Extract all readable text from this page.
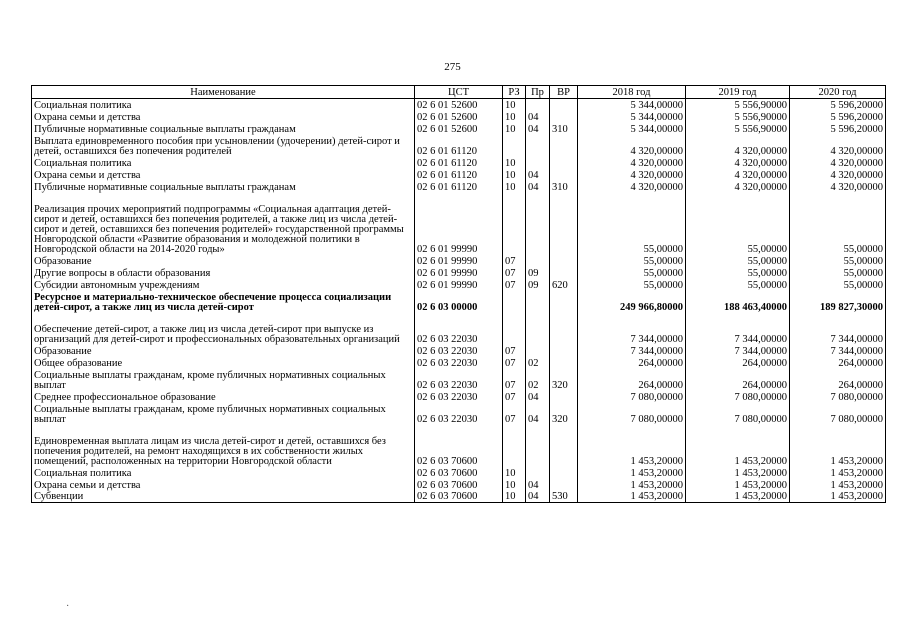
275
Наименование	ЦСТ	РЗ	Пр	ВР	2018 год	2019 год	2020 год
Социальная политика	02 6 01 52600	10			5 344,00000	5 556,90000	5 596,20000
Охрана семьи и детства	02 6 01 52600	10	04		5 344,00000	5 556,90000	5 596,20000
Публичные нормативные социальные выплаты гражданам	02 6 01 52600	10	04	310	5 344,00000	5 556,90000	5 596,20000
Выплата единовременного пособия при усыновлении (удочерении) детей-сирот и детей, оставшихся без попечения родителей	02 6 01 61120				4 320,00000	4 320,00000	4 320,00000
Социальная политика	02 6 01 61120	10			4 320,00000	4 320,00000	4 320,00000
Охрана семьи и детства	02 6 01 61120	10	04		4 320,00000	4 320,00000	4 320,00000
Публичные нормативные социальные выплаты гражданам	02 6 01 61120	10	04	310	4 320,00000	4 320,00000	4 320,00000
Реализация прочих мероприятий подпрограммы «Социальная адаптация детей-сирот и детей, оставшихся без попечения родителей, а также лиц из числа детей-сирот и детей, оставшихся без попечения родителей» государственной программы Новгородской области «Развитие образования и молодежной политики в Новгородской области на 2014-2020 годы»	02 6 01 99990				55,00000	55,00000	55,00000
Образование	02 6 01 99990	07			55,00000	55,00000	55,00000
Другие вопросы в области образования	02 6 01 99990	07	09		55,00000	55,00000	55,00000
Субсидии автономным учреждениям	02 6 01 99990	07	09	620	55,00000	55,00000	55,00000
Ресурсное и материально-техническое обеспечение процесса социализации детей-сирот, а также лиц из числа детей-сирот	02 6 03 00000				249 966,80000	188 463,40000	189 827,30000
Обеспечение детей-сирот, а также лиц из числа детей-сирот при выпуске из организаций для детей-сирот и профессиональных образовательных организаций	02 6 03 22030				7 344,00000	7 344,00000	7 344,00000
Образование	02 6 03 22030	07			7 344,00000	7 344,00000	7 344,00000
Общее образование	02 6 03 22030	07	02		264,00000	264,00000	264,00000
Социальные выплаты гражданам, кроме публичных нормативных социальных выплат	02 6 03 22030	07	02	320	264,00000	264,00000	264,00000
Среднее профессиональное образование	02 6 03 22030	07	04		7 080,00000	7 080,00000	7 080,00000
Социальные выплаты гражданам, кроме публичных нормативных социальных выплат	02 6 03 22030	07	04	320	7 080,00000	7 080,00000	7 080,00000
Единовременная выплата лицам из числа детей-сирот и детей, оставшихся без попечения родителей, на ремонт находящихся в их собственности жилых помещений, расположенных на территории Новгородской области	02 6 03 70600				1 453,20000	1 453,20000	1 453,20000
Социальная политика	02 6 03 70600	10			1 453,20000	1 453,20000	1 453,20000
Охрана семьи и детства	02 6 03 70600	10	04		1 453,20000	1 453,20000	1 453,20000
Субвенции	02 6 03 70600	10	04	530	1 453,20000	1 453,20000	1 453,20000
·
